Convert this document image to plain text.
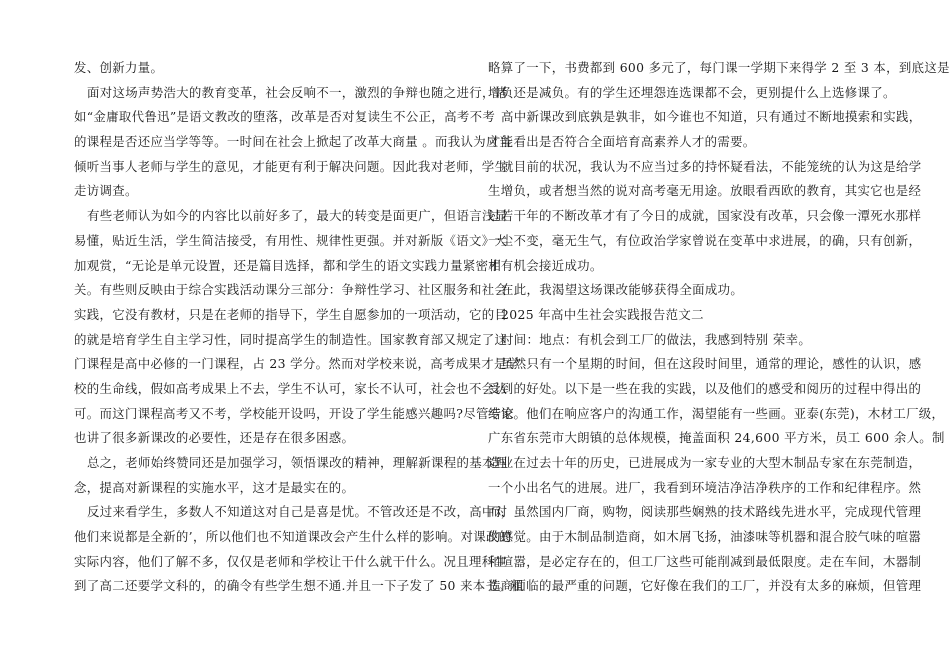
发、创新力量。
面对这场声势浩大的教育变革，社会反响不一，激烈的争辩也随之进行，诸
如“金庸取代鲁迅”是语文教改的堕落，改革是否对复读生不公正，高考不考
的课程是否还应当学等等。一时间在社会上掀起了改革大商量 。而我认为应当
倾听当事人老师与学生的意见，才能更有利于解决问题。因此我对老师，学生
走访调查。
有些老师认为如今的内容比以前好多了，最大的转变是面更广，但语言浅显
易懂，贴近生活，学生简洁接受，有用性、规律性更强。并对新版《语文》大
加观赏，“无论是单元设置，还是篇目选择，都和学生的语文实践力量紧密相
关。有些则反映由于综合实践活动课分三部分：争辩性学习、社区服务和社会
实践，它没有教材，只是在老师的指导下，学生自愿参加的一项活动，它的目
的就是培育学生自主学习性，同时提高学生的制造性。国家教育部又规定了这
门课程是高中必修的一门课程，占 23 学分。然而对学校来说，高考成果才是学
校的生命线，假如高考成果上不去，学生不认可，家长不认可，社会也不会认
可。而这门课程高考又不考，学校能开设吗，开设了学生能感兴趣吗?尽管专家
也讲了很多新课改的必要性，还是存在很多困惑。
总之，老师始终赞同还是加强学习，领悟课改的精神，理解新课程的基本理
念，提高对新课程的实施水平，这才是最实在的。
反过来看学生，多数人不知道这对自己是喜是忧。不管改还是不改，高中对
他们来说都是全新的’，所以他们也不知道课改会产生什么样的影响。对课改的
实际内容，他们了解不多，仅仅是老师和学校让干什么就干什么。况且理科生
到了高二还要学文科的，的确令有些学生想不通.并且一下子发了 50 来本书。粗
略算了一下，书费都到 600 多元了，每门课一学期下来得学 2 至 3 本，到底这是
增负还是减负。有的学生还埋怨连选课都不会，更别提什么上选修课了。
高中新课改到底孰是孰非，如今谁也不知道，只有通过不断地摸索和实践，
才能看出是否符合全面培育高素养人才的需要。
就目前的状况，我认为不应当过多的持怀疑看法，不能笼统的认为这是给学
生增负，或者想当然的说对高考毫无用途。放眼看西欧的教育，其实它也是经
过若干年的不断改革才有了今日的成就，国家没有改革，只会像一潭死水那样
一尘不变，毫无生气，有位政治学家曾说在变革中求进展，的确，只有创新，
才有机会接近成功。
在此，我渴望这场课改能够获得全面成功。
2025 年高中生社会实践报告范文二
时间：地点：有机会到工厂的做法，我感到特别 荣幸。
虽然只有一个星期的时间，但在这段时间里，通常的理论，感性的认识，感
受到的好处。以下是一些在我的实践，以及他们的感受和阅历的过程中得出的
结论。他们在响应客户的沟通工作，渴望能有一些画。亚泰(东莞)，木材工厂级，
广东省东莞市大朗镇的总体规模，掩盖面积 24,600 平方米，员工 600 余人。制
造业在过去十年的历史，已进展成为一家专业的大型木制品专家在东莞制造，
一个小出名气的进展。进厂，我看到环境洁净洁净秩序的工作和纪律程序。然
而，虽然国内厂商，购物，阅读那些娴熟的技术路线先进水平，完成现代管理
的感觉。由于木制品制造商，如木屑飞扬，油漆味等机器和混合胶气味的喧嚣
和喧嚣，是必定存在的，但工厂这些可能削减到最低限度。走在车间，木器制
造商面临的最严重的问题，它好像在我们的工厂，并没有太多的麻烦，但管理
